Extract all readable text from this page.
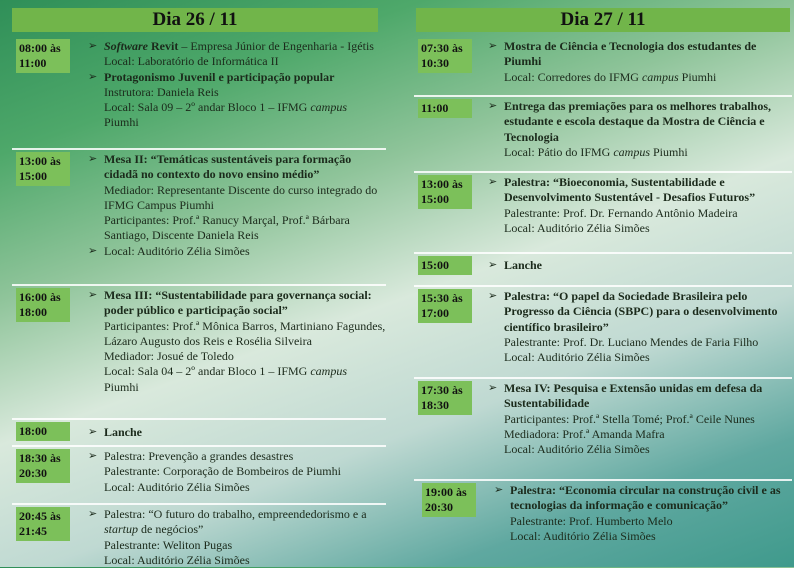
Dia 26 / 11
08:00 às 11:00
➢ Software Revit – Empresa Júnior de Engenharia - Igétis
Local: Laboratório de Informática II
➢ Protagonismo Juvenil e participação popular
Instrutora: Daniela Reis
Local: Sala 09 – 2º andar Bloco 1 – IFMG campus
Piumhi
13:00 às 15:00
➢ Mesa II: “Temáticas sustentáveis para formação cidadã no contexto do novo ensino médio”
Mediador: Representante Discente do curso integrado do IFMG Campus Piumhi
Participantes: Prof.ª Ranucy Marçal, Prof.ª Bárbara Santiago, Discente Daniela Reis
➢ Local: Auditório Zélia Simões
16:00 às 18:00
➢ Mesa III: “Sustentabilidade para governança social: poder público e participação social”
Participantes: Prof.ª Mônica Barros, Martiniano Fagundes, Lázaro Augusto dos Reis e Rosélia Silveira
Mediador: Josué de Toledo
Local: Sala 04 – 2º andar Bloco 1 – IFMG campus
Piumhi
18:00	➢ Lanche
18:30 às 20:30
➢ Palestra: Prevenção a grandes desastres
Palestrante: Corporação de Bombeiros de Piumhi
Local: Auditório Zélia Simões
20:45 às 21:45
➢ Palestra: “O futuro do trabalho, empreendedorismo e a startup de negócios”
Palestrante: Weliton Pugas
Local: Auditório Zélia Simões
Dia 27 / 11
07:30 às 10:30
➢ Mostra de Ciência e Tecnologia dos estudantes de Piumhi
Local: Corredores do IFMG campus Piumhi
11:00	➢ Entrega das premiações para os melhores trabalhos, estudante e escola destaque da Mostra de Ciência e Tecnologia
Local: Pátio do IFMG campus Piumhi
13:00 às 15:00
➢ Palestra: “Bioeconomia, Sustentabilidade e Desenvolvimento Sustentável - Desafios Futuros”
Palestrante: Prof. Dr. Fernando Antônio Madeira
Local: Auditório Zélia Simões
15:00	➢ Lanche
15:30 às 17:00
➢ Palestra: “O papel da Sociedade Brasileira pelo Progresso da Ciência (SBPC) para o desenvolvimento científico brasileiro”
Palestrante: Prof. Dr. Luciano Mendes de Faria Filho
Local: Auditório Zélia Simões
17:30 às 18:30
➢ Mesa IV: Pesquisa e Extensão unidas em defesa da Sustentabilidade
Participantes: Prof.ª Stella Tomé; Prof.ª Ceile Nunes
Mediadora: Prof.ª Amanda Mafra
Local: Auditório Zélia Simões
19:00 às 20:30
➢ Palestra: “Economia circular na construção civil e as tecnologias da informação e comunicação”
Palestrante: Prof. Humberto Melo
Local: Auditório Zélia Simões
